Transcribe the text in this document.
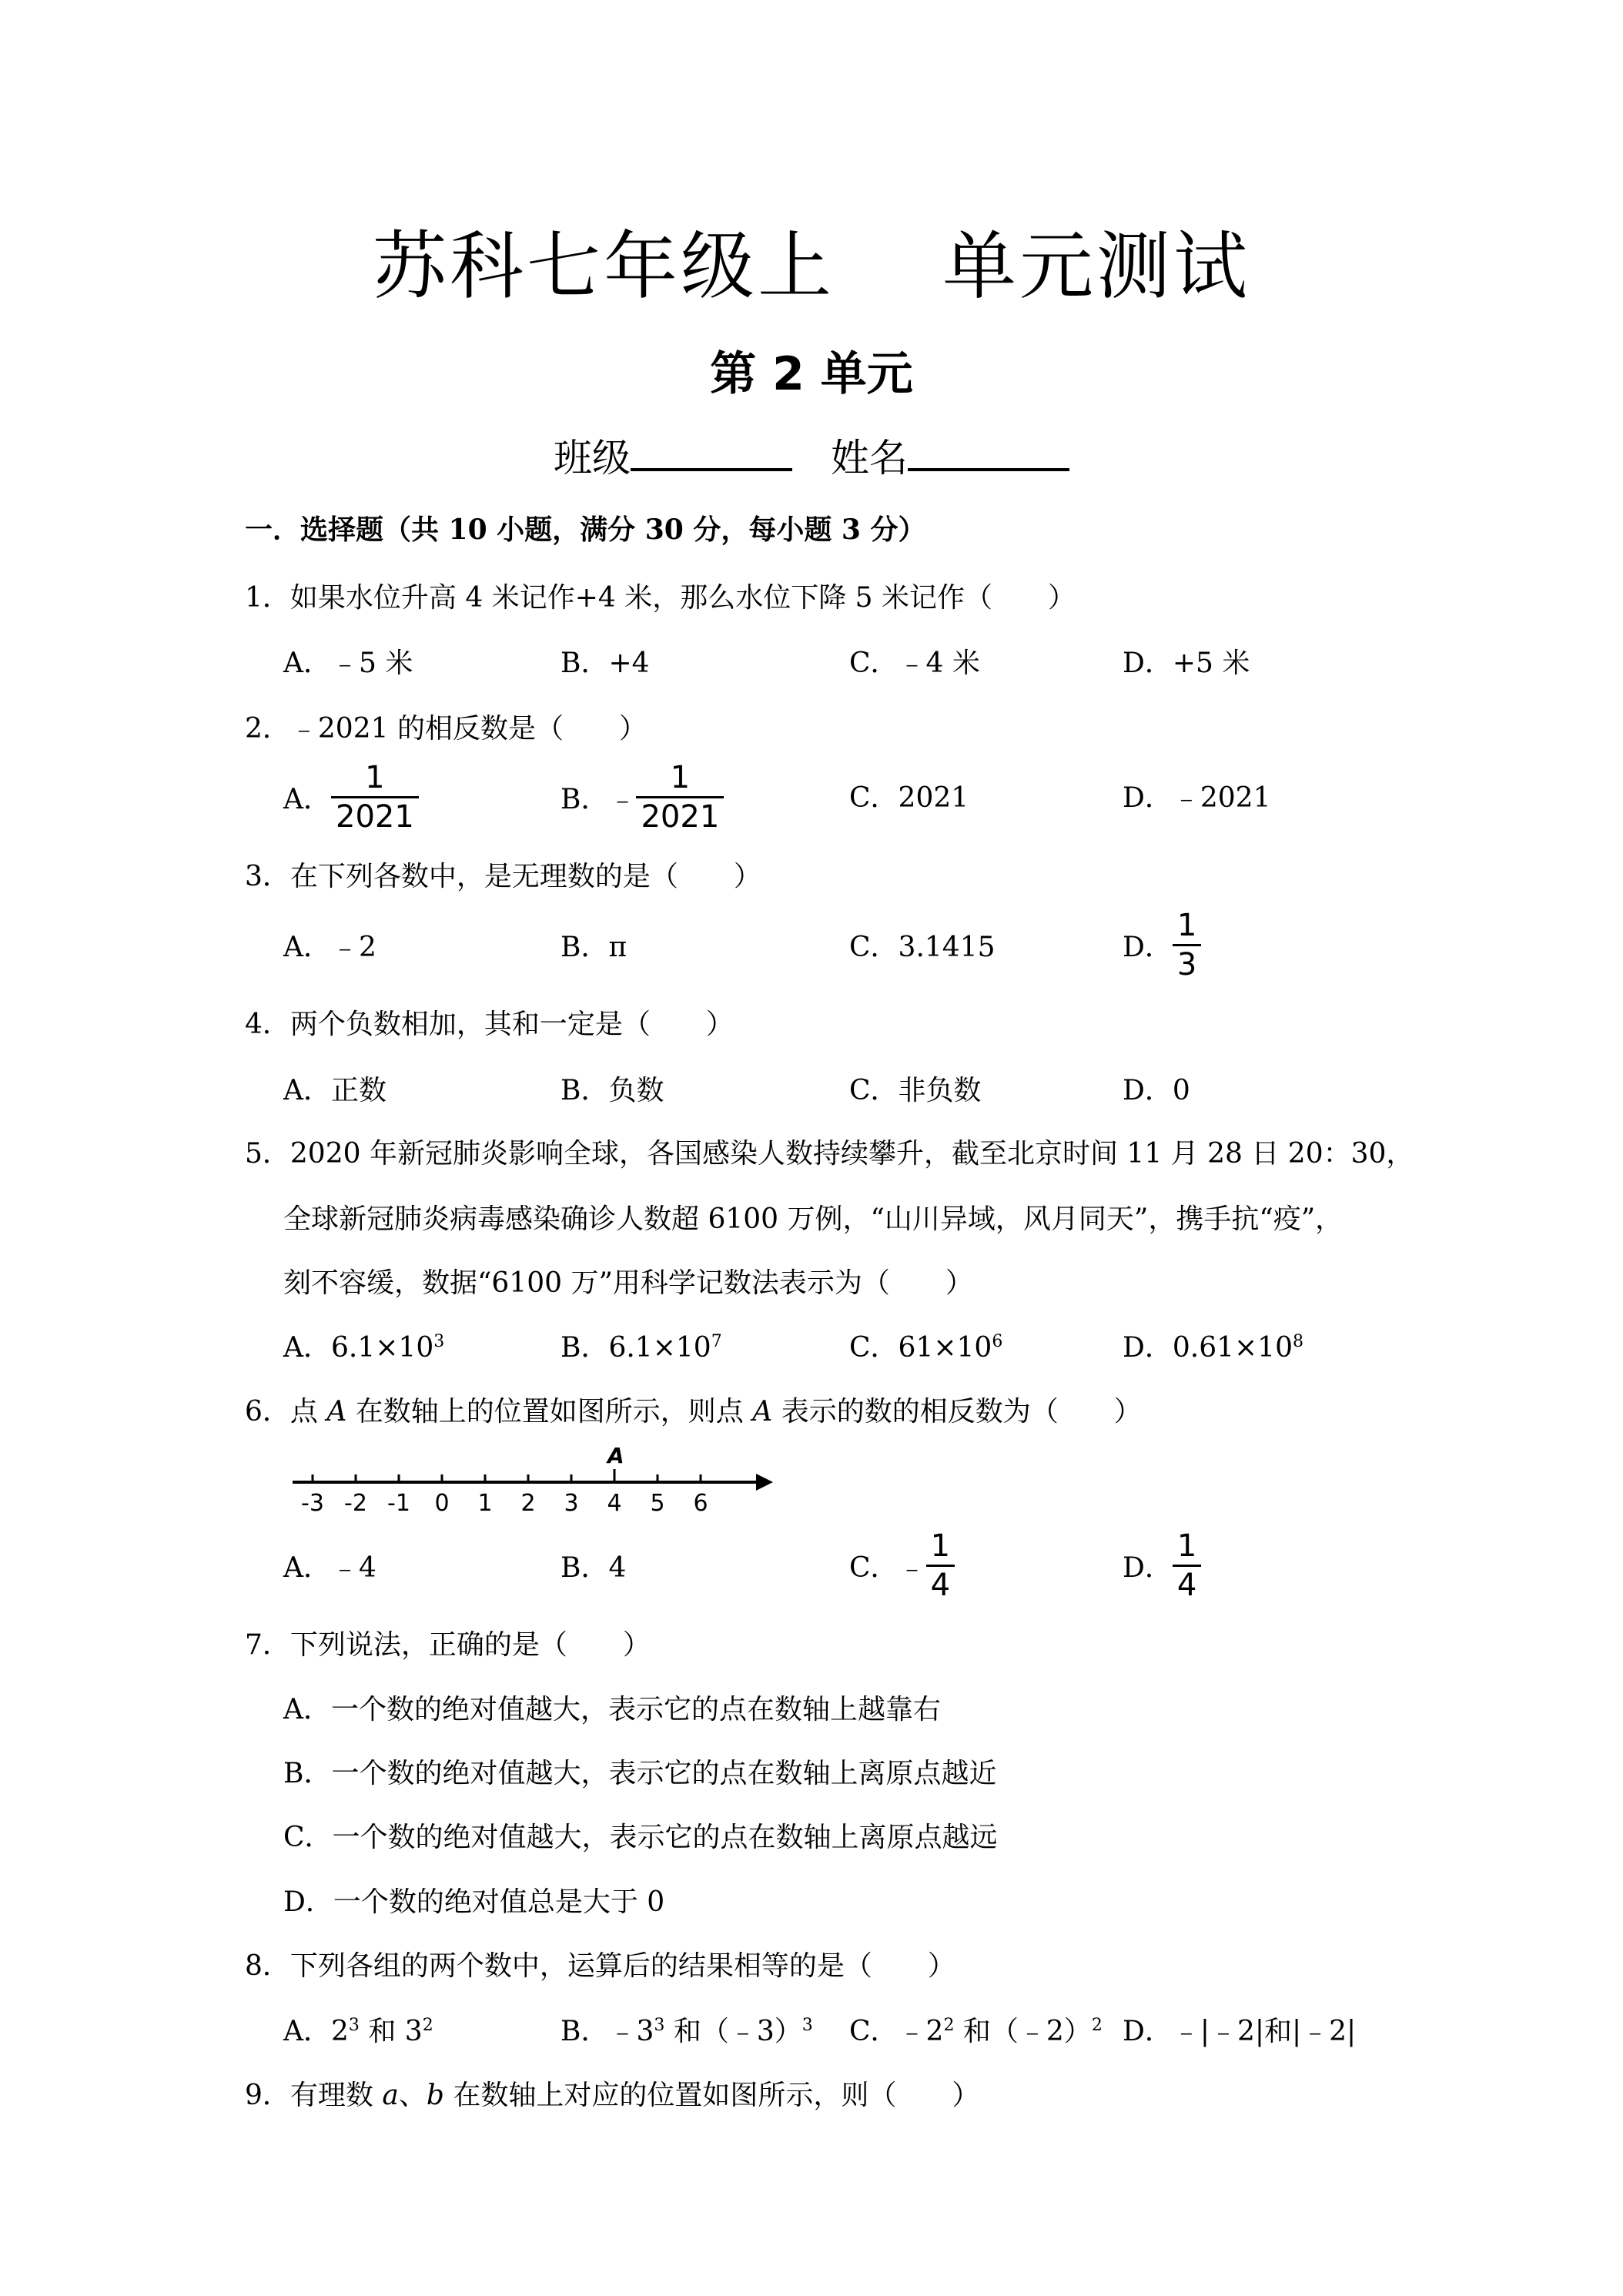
苏科七年级上 单元测试
第 2 单元
班级	姓名
一．选择题（共 10 小题，满分 30 分，每小题 3 分）
1．如果水位升高 4 米记作+4 米，那么水位下降 5 米记作（　　）
A．﹣5 米	B．+4	C．﹣4 米	D．+5 米
2．﹣2021 的相反数是（　　）
A． $\frac{1}{2021}$	B．﹣ $\frac{1}{2021}$	C．2021	D．﹣2021
3．在下列各数中，是无理数的是（　　）
A．﹣2	B．π	C．3.1415	D． $\frac{1}{3}$
4．两个负数相加，其和一定是（　　）
A．正数	B．负数	C．非负数	D．0
5．2020 年新冠肺炎影响全球，各国感染人数持续攀升，截至北京时间 11 月 28 日 20：30，
全球新冠肺炎病毒感染确诊人数超 6100 万例，“山川异域，风月同天”，携手抗“疫”，
刻不容缓，数据“6100 万”用科学记数法表示为（　　）
A．$6.1\times 10^3$	B．$6.1\times 10^7$	C．$61\times 10^6$	D．$0.61\times 10^8$
6．点 A 在数轴上的位置如图所示，则点 A 表示的数的相反数为（　　）
-3 -2 -1 0 1 2 3 4 5 6
A
A．﹣4	B．4	C．﹣ $\frac{1}{4}$	D． $\frac{1}{4}$
7．下列说法，正确的是（　　）
A．一个数的绝对值越大，表示它的点在数轴上越靠右
B．一个数的绝对值越大，表示它的点在数轴上离原点越近
C．一个数的绝对值越大，表示它的点在数轴上离原点越远
D．一个数的绝对值总是大于 0
8．下列各组的两个数中，运算后的结果相等的是（　　）
A．$2^3$ 和 $3^2$	B．$﹣3^3$ 和（﹣3）$^3$ C．$﹣2^2$ 和（﹣2）$^2$ D．﹣|﹣2|和|﹣2|
9．有理数 a、b 在数轴上对应的位置如图所示，则（　　）
